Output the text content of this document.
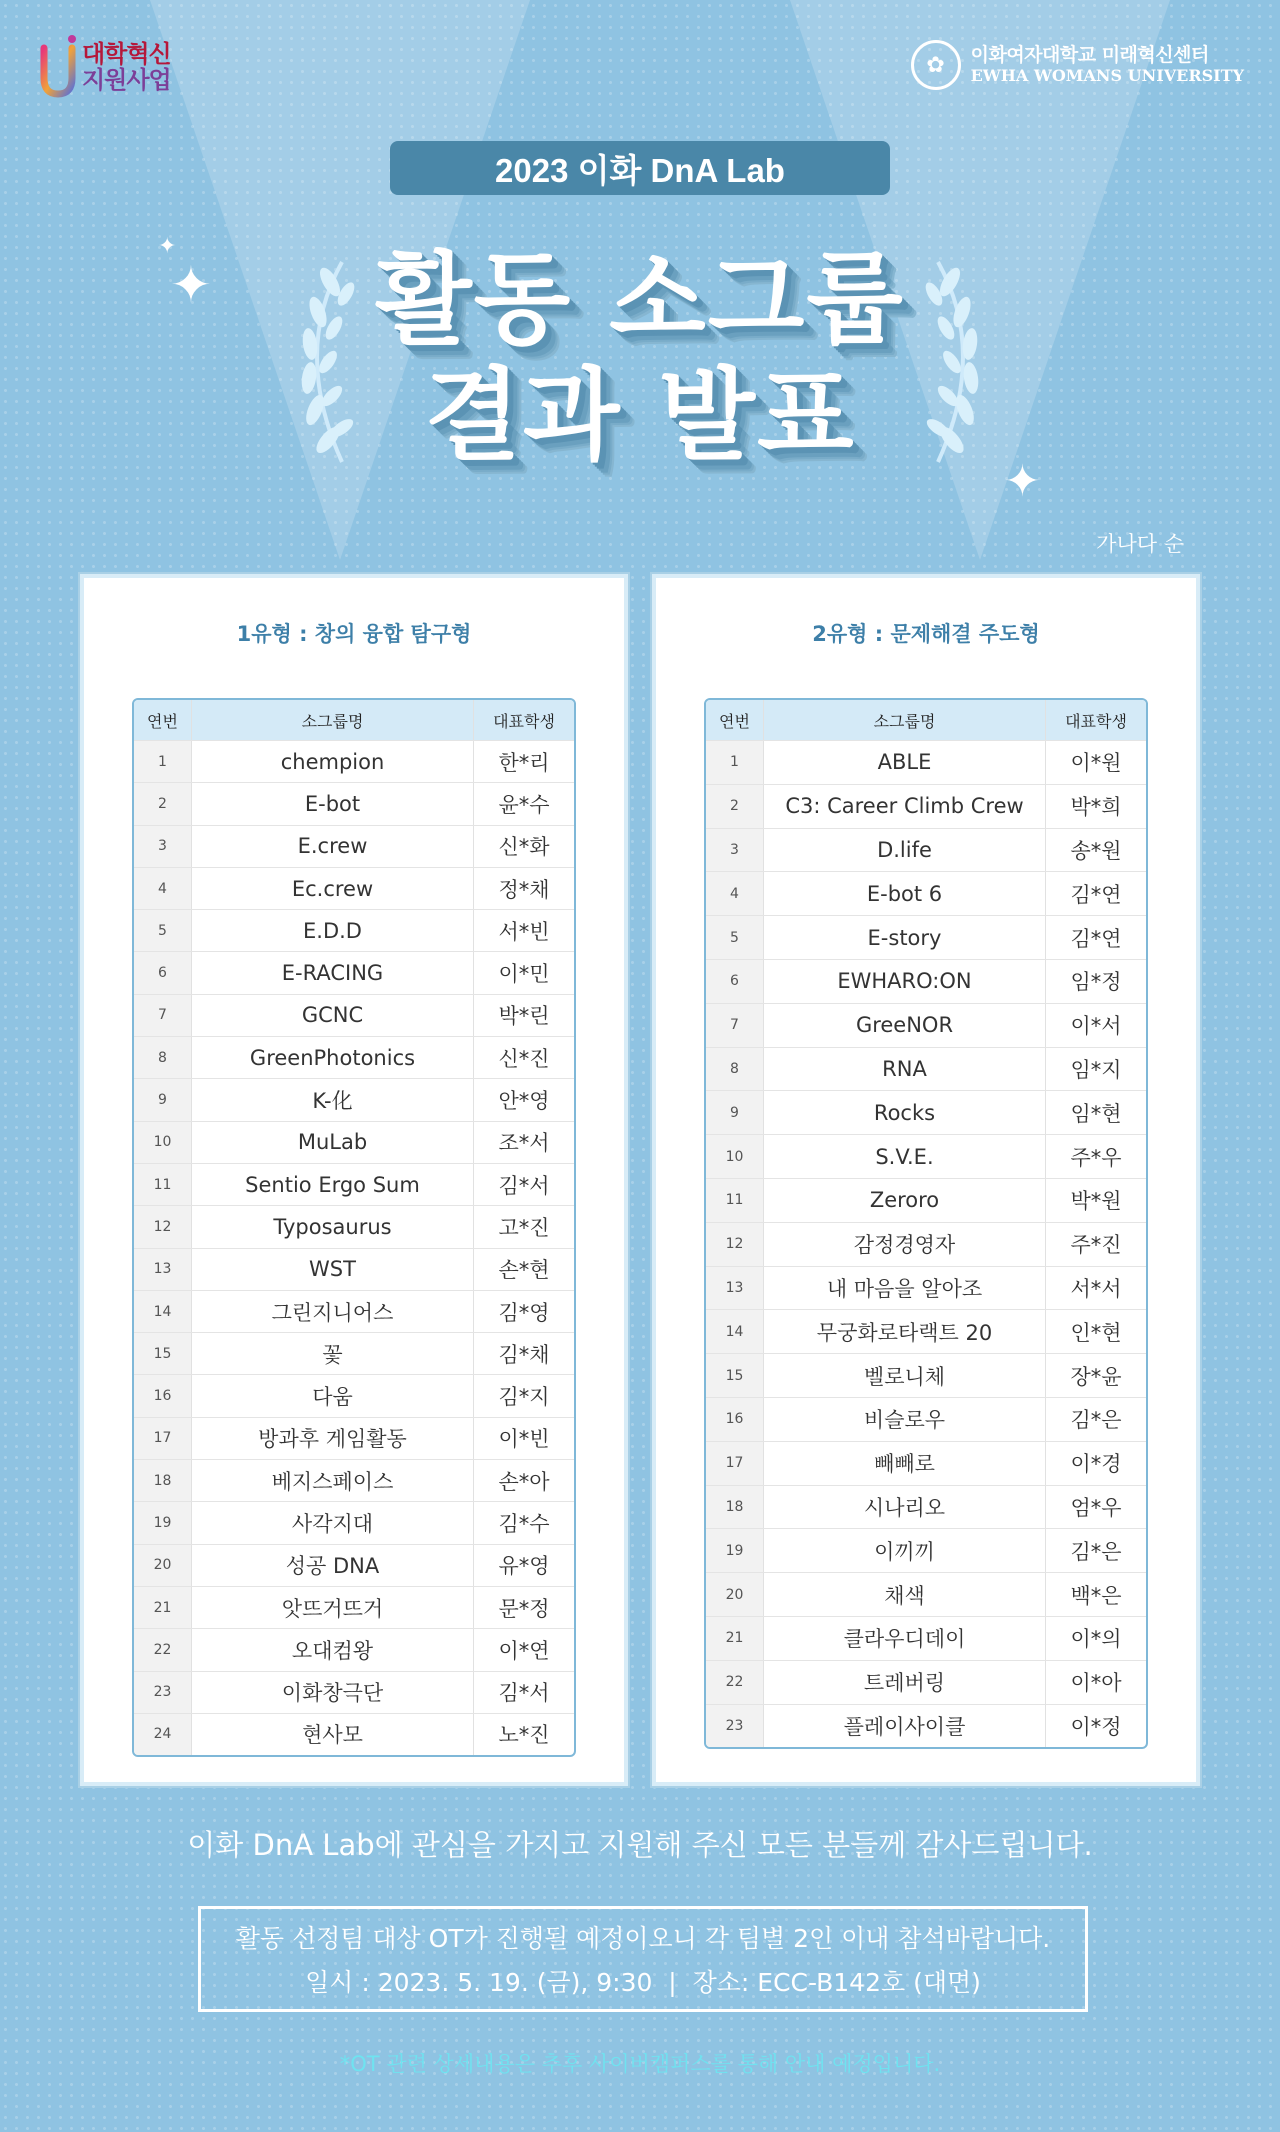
대학혁신
지원사업
✿	이화여자대학교 미래혁신센터
EWHA WOMANS UNIVERSITY
2023 이화 DnA Lab
✦
✦
✦
활동 소그룹
결과 발표
가나다 순
1유형 : 창의 융합 탐구형
연번	소그룹명	대표학생
1	chempion	한*리
2	E-bot	윤*수
3	E.crew	신*화
4	Ec.crew	정*채
5	E.D.D	서*빈
6	E-RACING	이*민
7	GCNC	박*린
8	GreenPhotonics	신*진
9	K-化	안*영
10	MuLab	조*서
11	Sentio Ergo Sum	김*서
12	Typosaurus	고*진
13	WST	손*현
14	그린지니어스	김*영
15	꽃	김*채
16	다움	김*지
17	방과후 게임활동	이*빈
18	베지스페이스	손*아
19	사각지대	김*수
20	성공 DNA	유*영
21	앗뜨거뜨거	문*정
22	오대컴왕	이*연
23	이화창극단	김*서
24	현사모	노*진
2유형 : 문제해결 주도형
연번	소그룹명	대표학생
1	ABLE	이*원
2	C3: Career Climb Crew	박*희
3	D.life	송*원
4	E-bot 6	김*연
5	E-story	김*연
6	EWHARO:ON	임*정
7	GreeNOR	이*서
8	RNA	임*지
9	Rocks	임*현
10	S.V.E.	주*우
11	Zeroro	박*원
12	감정경영자	주*진
13	내 마음을 알아조	서*서
14	무궁화로타랙트 20	인*현
15	벨로니체	장*윤
16	비슬로우	김*은
17	빼빼로	이*경
18	시나리오	엄*우
19	이끼끼	김*은
20	채색	백*은
21	클라우디데이	이*의
22	트레버링	이*아
23	플레이사이클	이*정
이화 DnA Lab에 관심을 가지고 지원해 주신 모든 분들께 감사드립니다.
활동 선정팀 대상 OT가 진행될 예정이오니 각 팀별 2인 이내 참석바랍니다.
일시 : 2023. 5. 19. (금), 9:30  |  장소: ECC-B142호 (대면)
*OT 관련 상세내용은 추후 사이버캠퍼스를 통해 안내 예정입니다.
